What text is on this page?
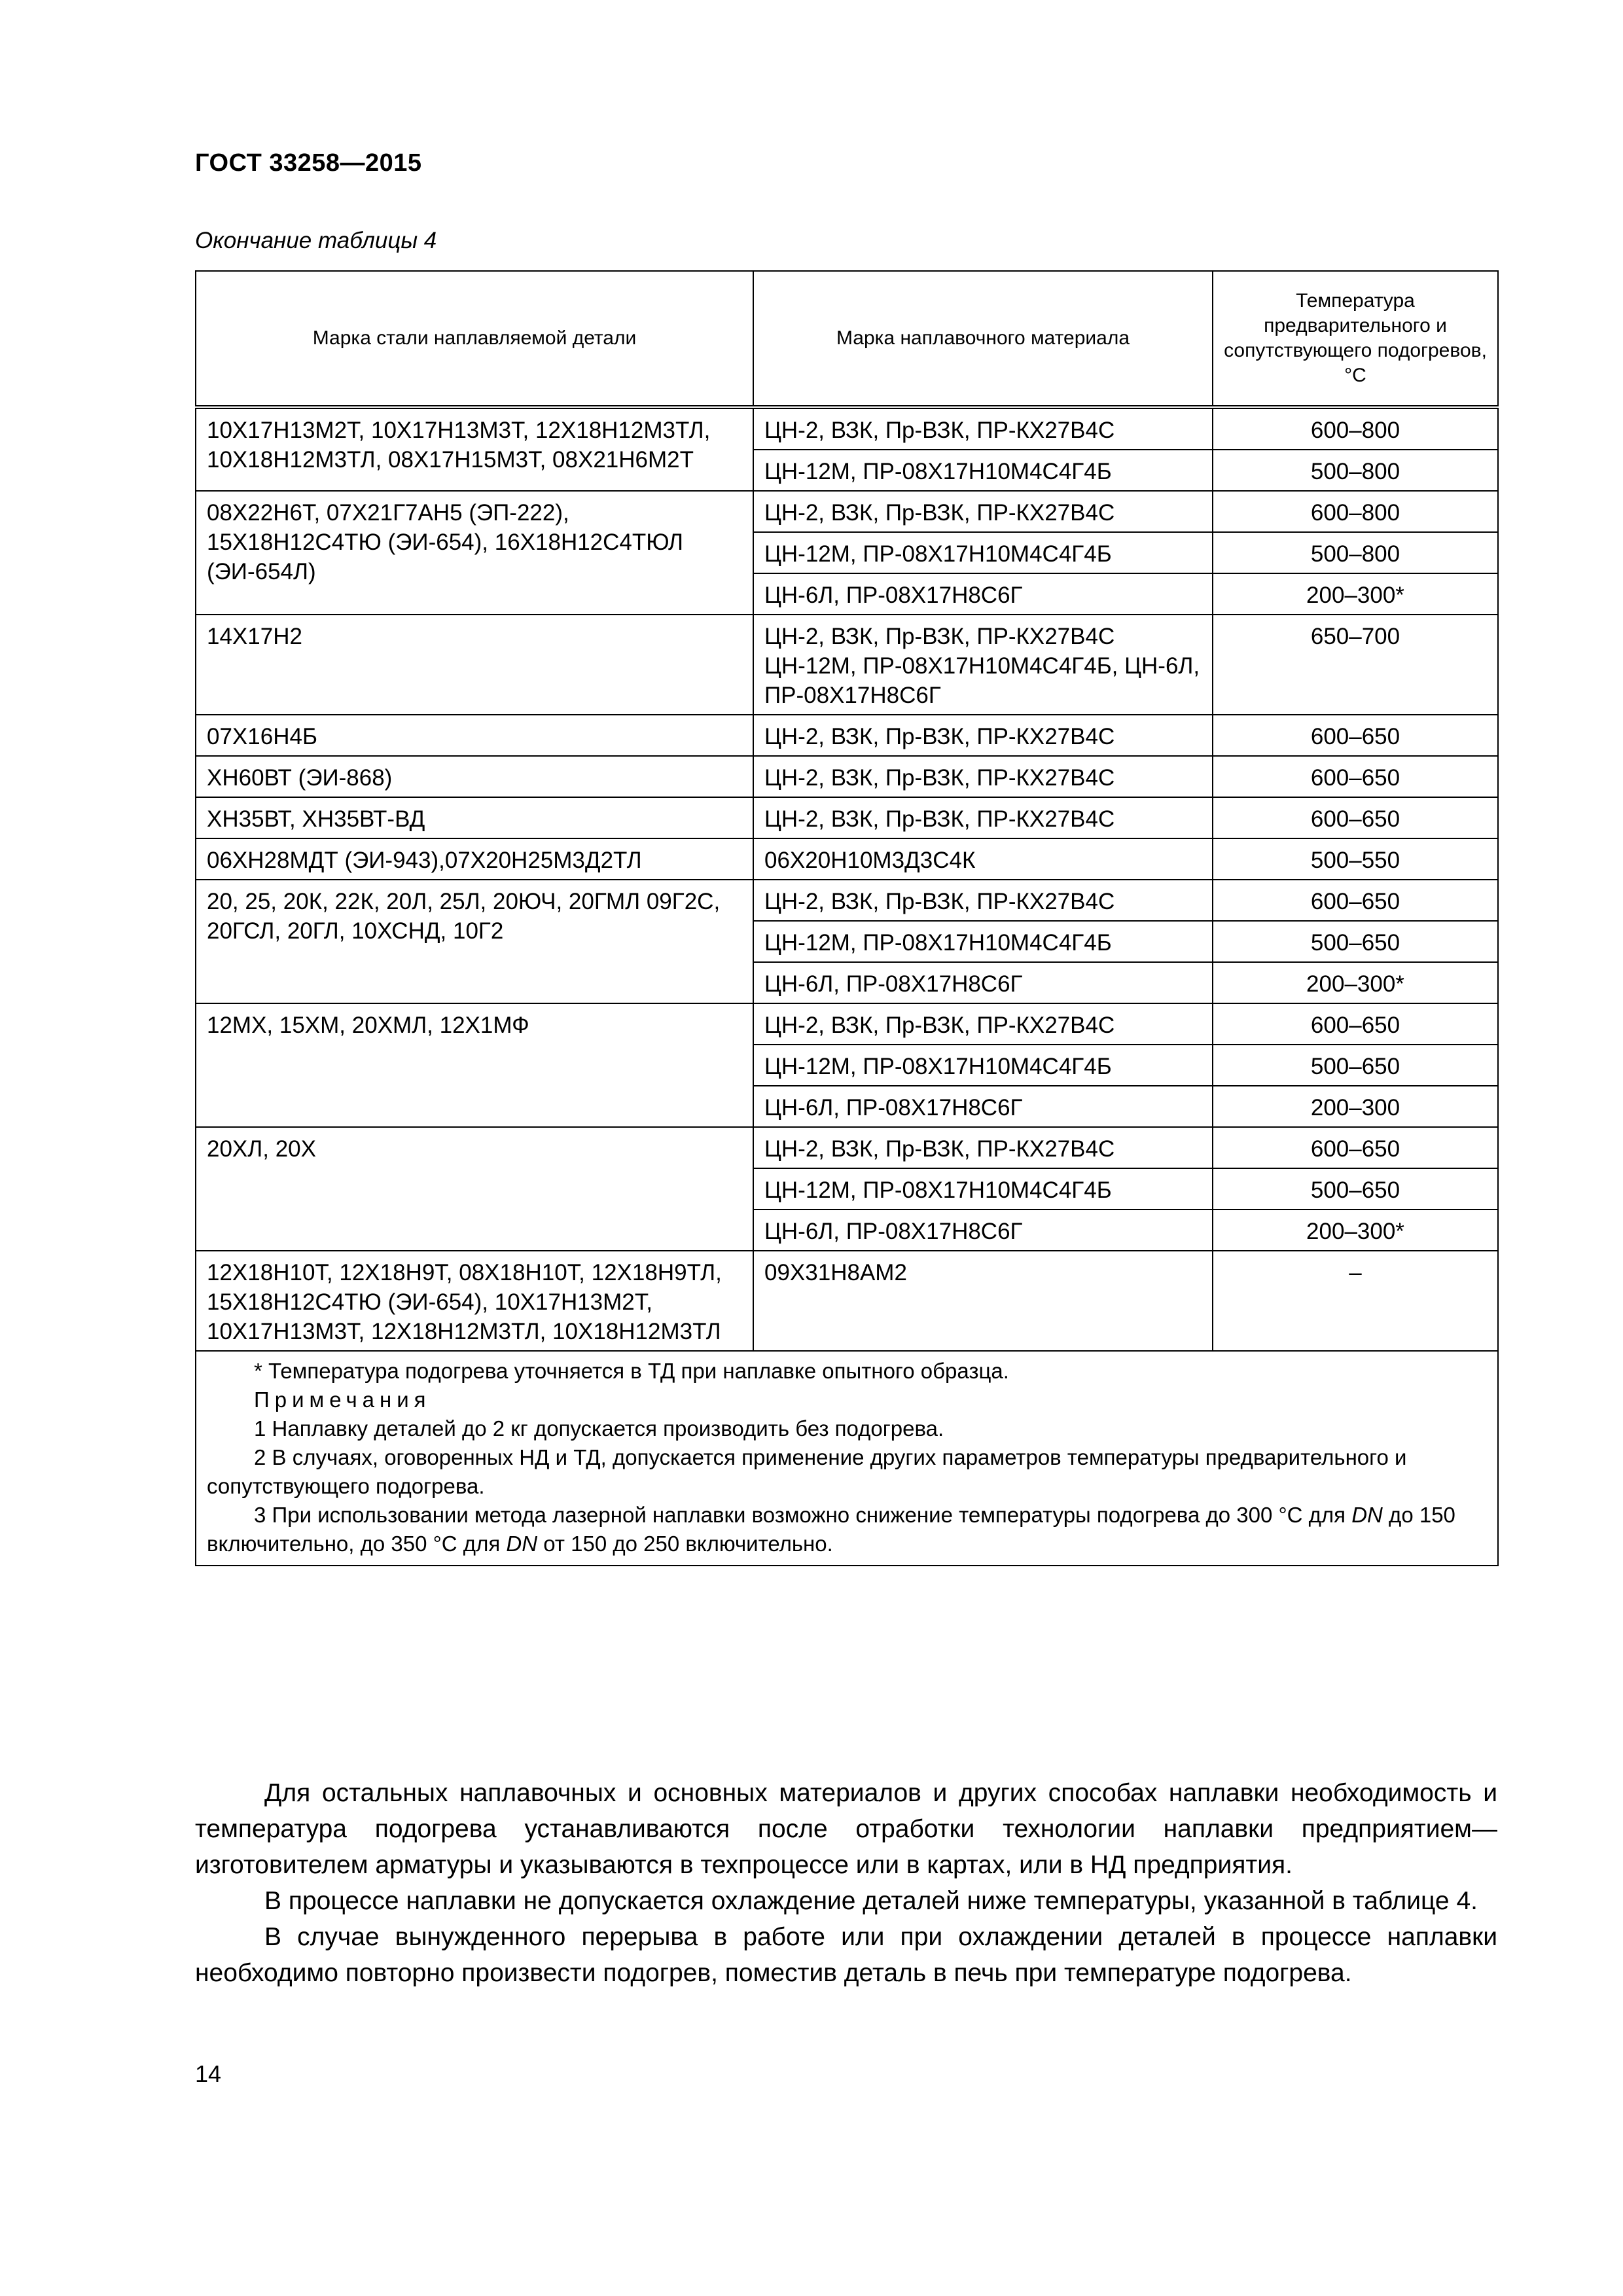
ГОСТ 33258—2015
Окончание таблицы 4
Марка стали наплавляемой детали	Марка наплавочного материала	Температура предварительного и сопутствующего подогревов, °С
10Х17Н13М2Т, 10Х17Н13М3Т, 12Х18Н12М3ТЛ, 10Х18Н12М3ТЛ, 08Х17Н15М3Т, 08Х21Н6М2Т	ЦН-2, ВЗК, Пр-ВЗК, ПР-КХ27В4С	600–800
	ЦН-12М, ПР-08Х17Н10М4С4Г4Б	500–800
08Х22Н6Т, 07Х21Г7АН5 (ЭП-222), 15Х18Н12С4ТЮ (ЭИ-654), 16Х18Н12С4ТЮЛ (ЭИ-654Л)	ЦН-2, ВЗК, Пр-ВЗК, ПР-КХ27В4С	600–800
	ЦН-12М, ПР-08Х17Н10М4С4Г4Б	500–800
	ЦН-6Л, ПР-08Х17Н8С6Г	200–300*
14Х17Н2	ЦН-2, ВЗК, Пр-ВЗК, ПР-КХ27В4С ЦН-12М, ПР-08Х17Н10М4С4Г4Б, ЦН-6Л, ПР-08Х17Н8С6Г	650–700
07Х16Н4Б	ЦН-2, ВЗК, Пр-ВЗК, ПР-КХ27В4С	600–650
ХН60ВТ (ЭИ-868)	ЦН-2, ВЗК, Пр-ВЗК, ПР-КХ27В4С	600–650
ХН35ВТ, ХН35ВТ-ВД	ЦН-2, ВЗК, Пр-ВЗК, ПР-КХ27В4С	600–650
06ХН28МДТ (ЭИ-943),07Х20Н25М3Д2ТЛ	06Х20Н10М3Д3С4К	500–550
20, 25, 20К, 22К, 20Л, 25Л, 20ЮЧ, 20ГМЛ 09Г2С, 20ГСЛ, 20ГЛ, 10ХСНД, 10Г2	ЦН-2, ВЗК, Пр-ВЗК, ПР-КХ27В4С	600–650
	ЦН-12М, ПР-08Х17Н10М4С4Г4Б	500–650
	ЦН-6Л, ПР-08Х17Н8С6Г	200–300*
12МХ, 15ХМ, 20ХМЛ, 12Х1МФ	ЦН-2, ВЗК, Пр-ВЗК, ПР-КХ27В4С	600–650
	ЦН-12М, ПР-08Х17Н10М4С4Г4Б	500–650
	ЦН-6Л, ПР-08Х17Н8С6Г	200–300
20ХЛ, 20Х	ЦН-2, ВЗК, Пр-ВЗК, ПР-КХ27В4С	600–650
	ЦН-12М, ПР-08Х17Н10М4С4Г4Б	500–650
	ЦН-6Л, ПР-08Х17Н8С6Г	200–300*
12Х18Н10Т, 12Х18Н9Т, 08Х18Н10Т, 12Х18Н9ТЛ, 15Х18Н12С4ТЮ (ЭИ-654), 10Х17Н13М2Т, 10Х17Н13М3Т, 12Х18Н12М3ТЛ, 10Х18Н12М3ТЛ	09Х31Н8АМ2	–

* Температура подогрева уточняется в ТД при наплавке опытного образца.
Примечания
1 Наплавку деталей до 2 кг допускается производить без подогрева.
2 В случаях, оговоренных НД и ТД, допускается применение других параметров температуры предварительного и сопутствующего подогрева.
3 При использовании метода лазерной наплавки возможно снижение температуры подогрева до 300 °С для DN до 150 включительно, до 350 °С для DN от 150 до 250 включительно.		

Для остальных наплавочных и основных материалов и других способах наплавки необходимость и температура подогрева устанавливаются после отработки технологии наплавки предприятием—изготовителем арматуры и указываются в техпроцессе или в картах, или в НД предприятия.

В процессе наплавки не допускается охлаждение деталей ниже температуры, указанной в таблице 4.

В случае вынужденного перерыва в работе или при охлаждении деталей в процессе наплавки необходимо повторно произвести подогрев, поместив деталь в печь при температуре подогрева.

14
